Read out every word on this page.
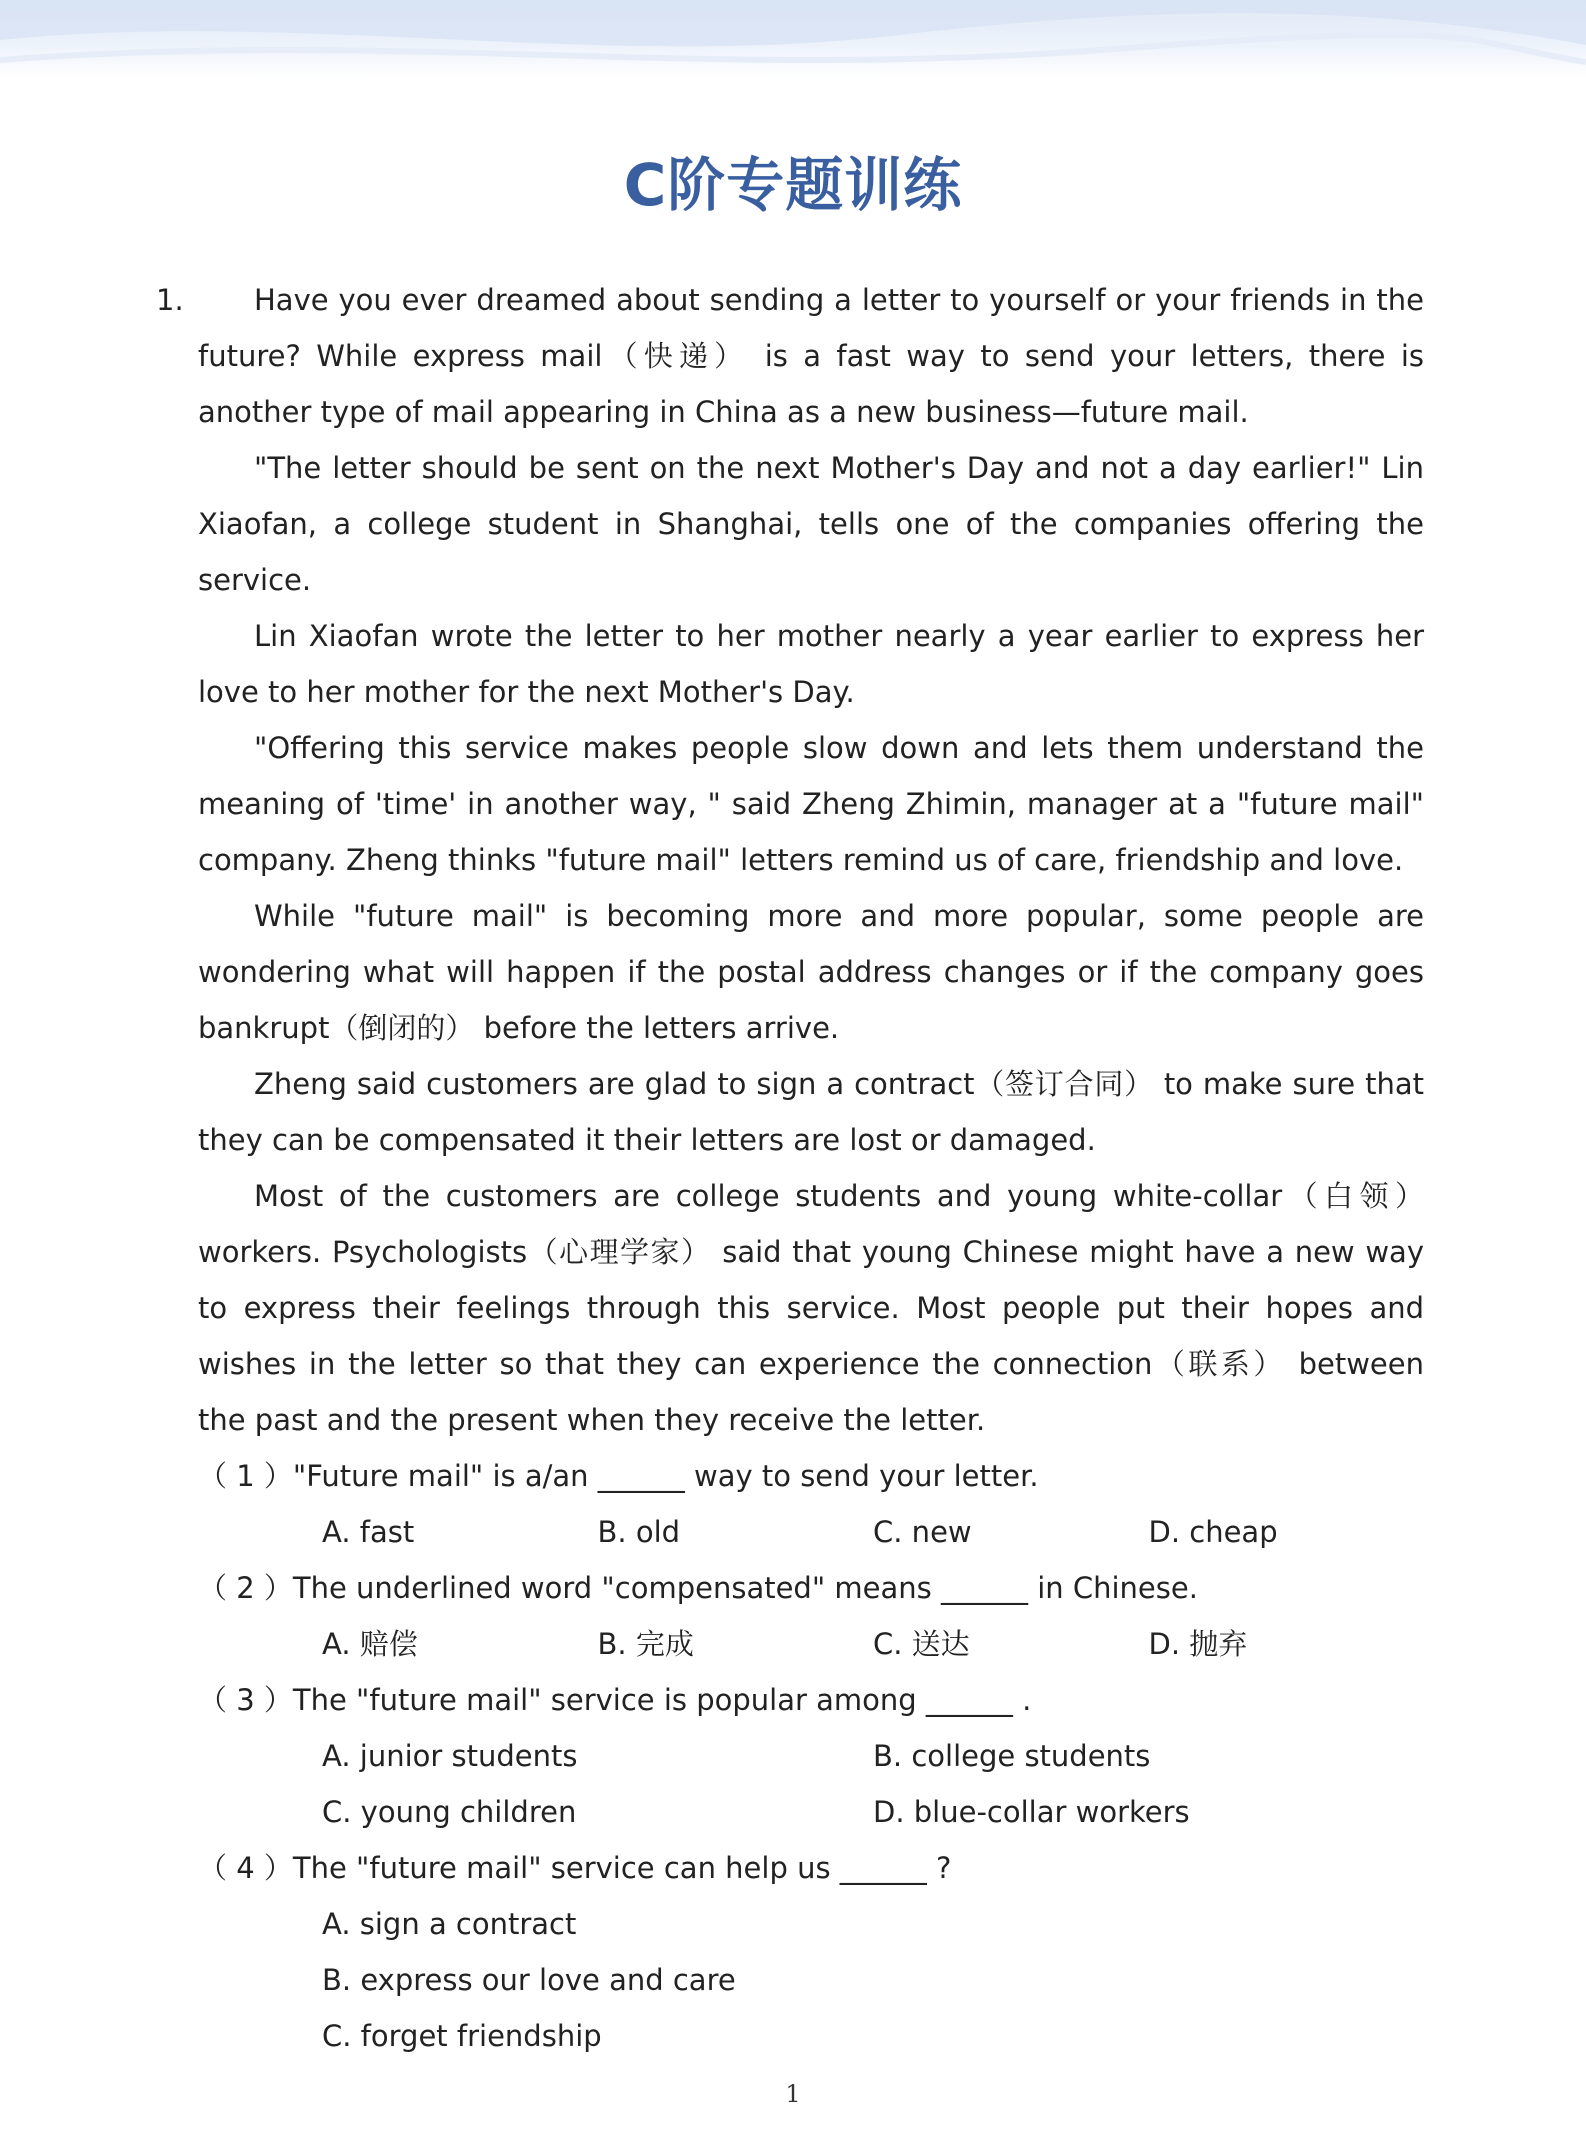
C阶专题训练
1.	Have you ever dreamed about sending a letter to yourself or your friends in the future? While express mail（快递） is a fast way to send your letters, there is another type of mail appearing in China as a new business—future mail.

"The letter should be sent on the next Mother's Day and not a day earlier!" Lin Xiaofan, a college student in Shanghai, tells one of the companies offering the service.

Lin Xiaofan wrote the letter to her mother nearly a year earlier to express her love to her mother for the next Mother's Day.

"Offering this service makes people slow down and lets them understand the meaning of 'time' in another way, " said Zheng Zhimin, manager at a "future mail" company. Zheng thinks "future mail" letters remind us of care, friendship and love.

While "future mail" is becoming more and more popular, some people are wondering what will happen if the postal address changes or if the company goes bankrupt（倒闭的） before the letters arrive.

Zheng said customers are glad to sign a contract（签订合同） to make sure that they can be compensated it their letters are lost or damaged.

Most of the customers are college students and young white-collar（白领） workers. Psychologists（心理学家） said that young Chinese might have a new way to express their feelings through this service. Most people put their hopes and wishes in the letter so that they can experience the connection（联系） between the past and the present when they receive the letter.

（ 1 ）"Future mail" is a/an ______ way to send your letter.
A. fast	B. old	C. new	D. cheap
（ 2 ）The underlined word "compensated" means ______ in Chinese.
A. 赔偿	B. 完成	C. 送达	D. 抛弃
（ 3 ）The "future mail" service is popular among ______ .
A. junior students	B. college students
C. young children	D. blue-collar workers
（ 4 ）The "future mail" service can help us ______ ?
A. sign a contract
B. express our love and care
C. forget friendship
1
